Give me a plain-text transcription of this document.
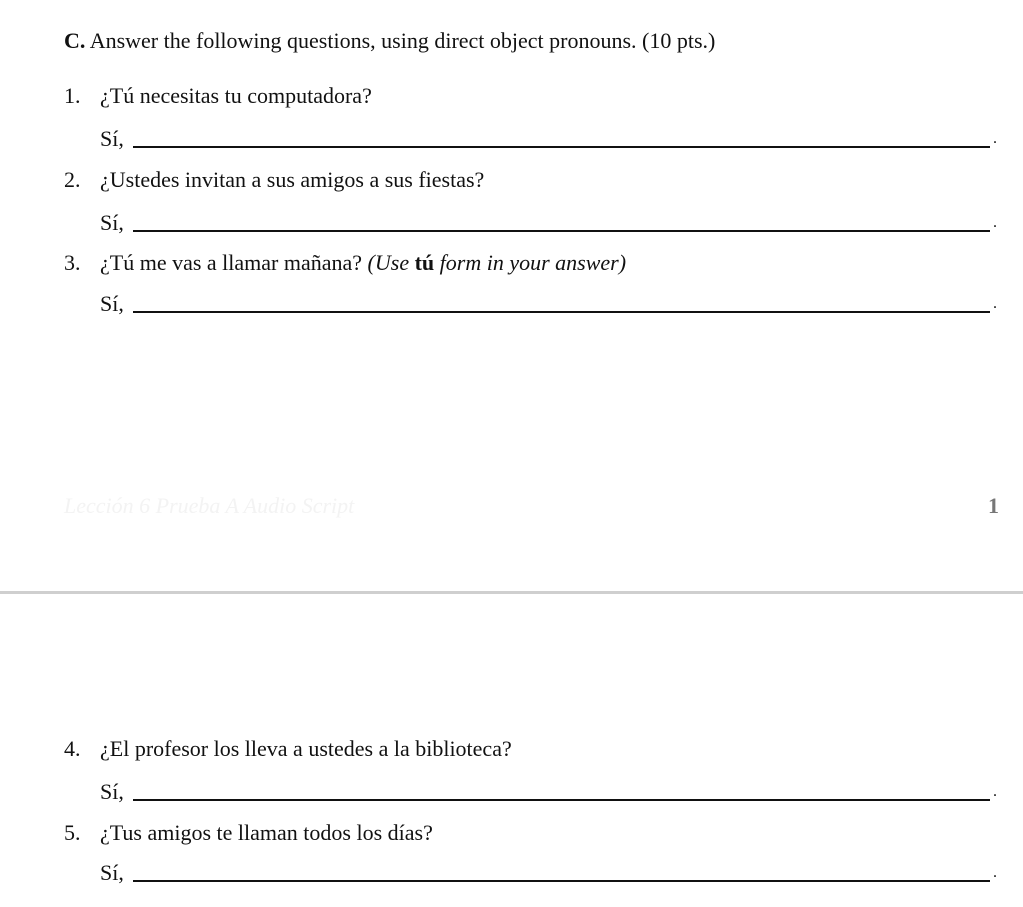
C. Answer the following questions, using direct object pronouns. (10 pts.)
1. ¿Tú necesitas tu computadora?
Sí,	.
2. ¿Ustedes invitan a sus amigos a sus fiestas?
Sí,	.
3. ¿Tú me vas a llamar mañana? (Use tú form in your answer)
Sí,	.
Lección 6 Prueba A Audio Script	1
4. ¿El profesor los lleva a ustedes a la biblioteca?
Sí,	.
5. ¿Tus amigos te llaman todos los días?
Sí,	.
